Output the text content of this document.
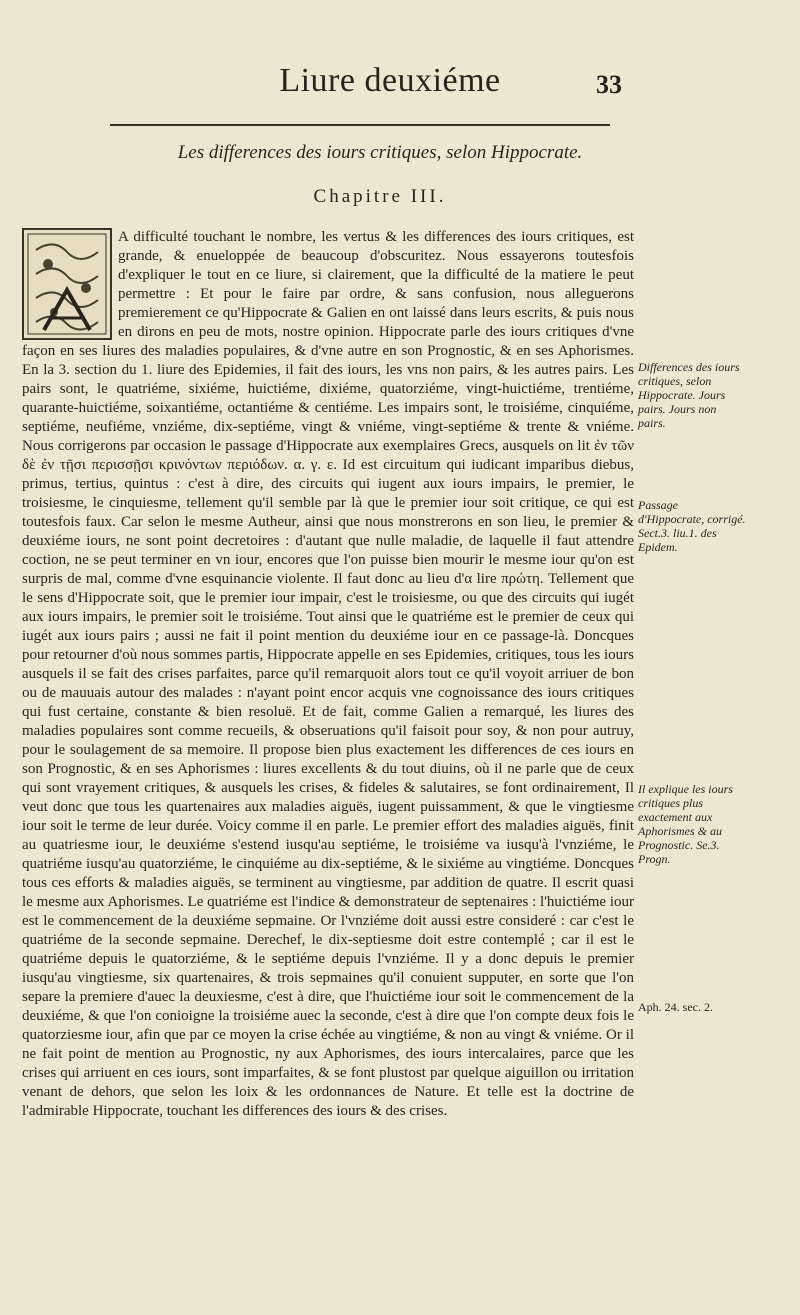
Liure deuxiéme	33
Les differences des iours critiques, selon Hippocrate.
Chapitre III.

A difficulté touchant le nombre, les vertus & les differences des iours critiques, est grande, & enueloppée de beaucoup d'obscuritez. Nous essayerons toutesfois d'expliquer le tout en ce liure, si clairement, que la difficulté de la matiere le peut permettre : Et pour le faire par ordre, & sans confusion, nous alleguerons premierement ce qu'Hippocrate & Galien en ont laissé dans leurs escrits, & puis nous en dirons en peu de mots, nostre opinion. Hippocrate parle des iours critiques d'vne façon en ses liures des maladies populaires, & d'vne autre en son Prognostic, & en ses Aphorismes. En la 3. section du 1. liure des Epidemies, il fait des iours, les vns non pairs, & les autres pairs. Les pairs sont, le quatriéme, sixiéme, huictiéme, dixiéme, quatorziéme, vingt-huictiéme, trentiéme, quarante-huictiéme, soixantiéme, octantiéme & centiéme. Les impairs sont, le troisiéme, cinquiéme, septiéme, neufiéme, vnziéme, dix-septiéme, vingt & vniéme, vingt-septiéme & trente & vniéme. Nous corrigerons par occasion le passage d'Hippocrate aux exemplaires Grecs, ausquels on lit ἐν τῶν δὲ ἐν τῇσι περισσῇσι κρινόντων περιόδων. α. γ. ε. Id est circuitum qui iudicant imparibus diebus, primus, tertius, quintus : c'est à dire, des circuits qui iugent aux iours impairs, le premier, le troisiesme, le cinquiesme, tellement qu'il semble par là que le premier iour soit critique, ce qui est toutesfois faux. Car selon le mesme Autheur, ainsi que nous monstrerons en son lieu, le premier & deuxiéme iours, ne sont point decretoires : d'autant que nulle maladie, de laquelle il faut attendre coction, ne se peut terminer en vn iour, encores que l'on puisse bien mourir le mesme iour qu'on est surpris de mal, comme d'vne esquinancie violente. Il faut donc au lieu d'α lire πρώτη. Tellement que le sens d'Hippocrate soit, que le premier iour impair, c'est le troisiesme, ou que des circuits qui iugét aux iours impairs, le premier soit le troisiéme. Tout ainsi que le quatriéme est le premier de ceux qui iugét aux iours pairs ; aussi ne fait il point mention du deuxiéme iour en ce passage-là. Doncques pour retourner d'où nous sommes partis, Hippocrate appelle en ses Epidemies, critiques, tous les iours ausquels il se fait des crises parfaites, parce qu'il remarquoit alors tout ce qu'il voyoit arriuer de bon ou de mauuais autour des malades : n'ayant point encor acquis vne cognoissance des iours critiques qui fust certaine, constante & bien resoluë. Et de fait, comme Galien a remarqué, les liures des maladies populaires sont comme recueils, & obseruations qu'il faisoit pour soy, & non pour autruy, pour le soulagement de sa memoire. Il propose bien plus exactement les differences de ces iours en son Prognostic, & en ses Aphorismes : liures excellents & du tout diuins, où il ne parle que de ceux qui sont vrayement critiques, & ausquels les crises, & fideles & salutaires, se font ordinairement, Il veut donc que tous les quartenaires aux maladies aiguës, iugent puissamment, & que le vingtiesme iour soit le terme de leur durée. Voicy comme il en parle. Le premier effort des maladies aiguës, finit au quatriesme iour, le deuxiéme s'estend iusqu'au septiéme, le troisiéme va iusqu'à l'vnziéme, le quatriéme iusqu'au quatorziéme, le cinquiéme au dix-septiéme, & le sixiéme au vingtiéme. Doncques tous ces efforts & maladies aiguës, se terminent au vingtiesme, par addition de quatre. Il escrit quasi le mesme aux Aphorismes. Le quatriéme est l'indice & demonstrateur de septenaires : l'huictiéme iour est le commencement de la deuxiéme sepmaine. Or l'vnziéme doit aussi estre consideré : car c'est le quatriéme de la seconde sepmaine. Derechef, le dix-septiesme doit estre contemplé ; car il est le quatriéme depuis le quatorziéme, & le septiéme depuis l'vnziéme. Il y a donc depuis le premier iusqu'au vingtiesme, six quartenaires, & trois sepmaines qu'il conuient supputer, en sorte que l'on separe la premiere d'auec la deuxiesme, c'est à dire, que l'huictiéme iour soit le commencement de la deuxiéme, & que l'on conioigne la troisiéme auec la seconde, c'est à dire que l'on compte deux fois le quatorziesme iour, afin que par ce moyen la crise échée au vingtiéme, & non au vingt & vniéme. Or il ne fait point de mention au Prognostic, ny aux Aphorismes, des iours intercalaires, parce que les crises qui arriuent en ces iours, sont imparfaites, & se font plustost par quelque aiguillon ou irritation venant de dehors, que selon les loix & les ordonnances de Nature. Et telle est la doctrine de l'admirable Hippocrate, touchant les differences des iours & des crises.

Differences des iours critiques, selon Hippocrate. Jours pairs. Jours non pairs.
Passage d'Hippocrate, corrigé. Sect.3. liu.1. des Epidem.
Il explique les iours critiques plus exactement aux Aphorismes & au Prognostic. Se.3. Progn.
Aph. 24. sec. 2.
